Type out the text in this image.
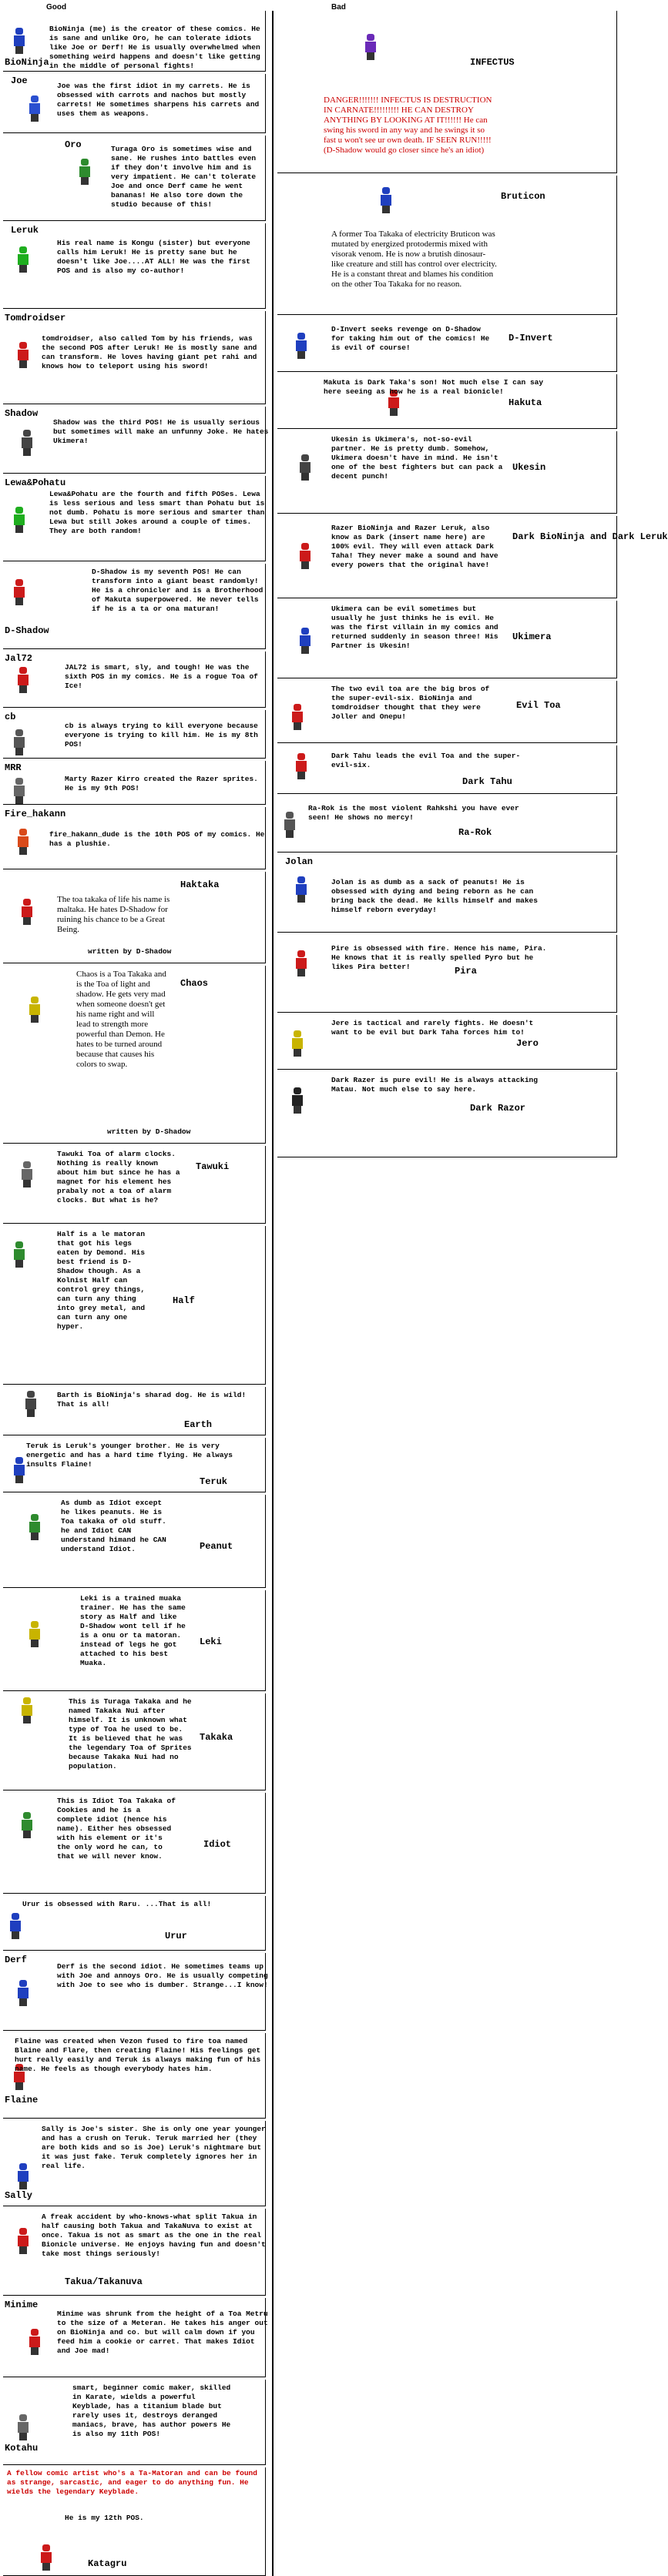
Good	Bad
BioNinja
BioNinja (me) is the creator of these comics. He is sane and unlike Oro, he can tolerate idiots like Joe or Derf! He is usually overwhelmed when something weird happens and doesn't like getting in the middle of personal fights!
Joe	Joe was the first idiot in my carrets. He is obsessed with carrots and nachos but mostly carrets! He sometimes sharpens his carrets and uses them as weapons.
Oro	Turaga Oro is sometimes wise and sane. He rushes into battles even if they don't involve him and is very impatient. He can't tolerate Joe and once Derf came he went bananas! He also tore down the studio because of this!
Leruk
His real name is Kongu (sister) but everyone calls him Leruk! He is pretty sane but he doesn't like Joe....AT ALL! He was the first POS and is also my co-author!
Tomdroidser
tomdroidser, also called Tom by his friends, was the second POS after Leruk! He is mostly sane and can transform. He loves having giant pet rahi and knows how to teleport using his sword!
Shadow
Shadow was the third POS! He is usually serious but sometimes will make an unfunny Joke. He hates Ukimera!
Lewa&Pohatu
Lewa&Pohatu are the fourth and fifth POSes. Lewa is less serious and less smart than Pohatu but is not dumb. Pohatu is more serious and smarter than Lewa but still Jokes around a couple of times. They are both random!
D-Shadow
D-Shadow is my seventh POS! He can transform into a giant beast randomly! He is a chronicler and is a Brotherhood of Makuta superpowered. He never tells if he is a ta or ona maturan!
Jal72
JAL72 is smart, sly, and tough! He was the sixth POS in my comics. He is a rogue Toa of Ice!
cb
cb is always trying to kill everyone because everyone is trying to kill him. He is my 8th POS!
MRR
Marty Razer Kirro created the Razer sprites. He is my 9th POS!
Fire_hakann
fire_hakann_dude is the 10th POS of my comics. He has a plushie.
Haktaka
The toa takaka of life his name is maltaka. He hates D-Shadow for ruining his chance to be a Great Being.
written by D-Shadow
Chaos
Chaos is a Toa Takaka and is the Toa of light and shadow. He gets very mad when someone doesn't get his name right and will lead to strength more powerful than Demon. He hates to be turned around because that causes his colors to swap.
written by D-Shadow
Tawuki
Tawuki Toa of alarm clocks. Nothing is really known about him but since he has a magnet for his element hes prabaly not a toa of alarm clocks. But what is he?
Half
Half is a le matoran that got his legs eaten by Demond. His best friend is D-Shadow though. As a Kolnist Half can control grey things, can turn any thing into grey metal, and can turn any one hyper.
Earth
Barth is BioNinja's sharad dog. He is wild! That is all!
Teruk
Teruk is Leruk's younger brother. He is very energetic and has a hard time flying. He always insults Flaine!
Peanut
As dumb as Idiot except he likes peanuts. He is Toa takaka of old stuff. he and Idiot CAN understand himand he CAN understand Idiot.
Leki
Leki is a trained muaka trainer. He has the same story as Half and like D-Shadow wont tell if he is a onu or ta matoran. instead of legs he got attached to his best Muaka.
Takaka
This is Turaga Takaka and he named Takaka Nui after himself. It is unknown what type of Toa he used to be. It is believed that he was the legendary Toa of Sprites because Takaka Nui had no population.
Idiot
This is Idiot Toa Takaka of Cookies and he is a complete idiot (hence his name). Either hes obsessed with his element or it's the only word he can, to that we will never know.
Urur
Urur is obsessed with Raru. ...That is all!
Derf
Derf is the second idiot. He sometimes teams up with Joe and annoys Oro. He is usually competing with Joe to see who is dumber. Strange...I know!
Flaine
Flaine was created when Vezon fused to fire toa named Blaine and Flare, then creating Flaine! His feelings get hurt really easily and Teruk is always making fun of his name. He feels as though everybody hates him.
Sally
Sally is Joe's sister. She is only one year younger and has a crush on Teruk. Teruk married her (they are both kids and so is Joe) Leruk's nightmare but it was just fake. Teruk completely ignores her in real life.
Takua/Takanuva
A freak accident by who-knows-what split Takua in half causing both Takua and TakaNuva to exist at once. Takua is not as smart as the one in the real Bionicle universe. He enjoys having fun and doesn't take most things seriously!
Minime
Minime was shrunk from the height of a Toa Metru to the size of a Meteran. He takes his anger out on BioNinja and co. but will calm down if you feed him a cookie or carret. That makes Idiot and Joe mad!
Kotahu
smart, beginner comic maker, skilled in Karate, wields a powerful Keyblade, has a titanium blade but rarely uses it, destroys deranged maniacs, brave, has author powers He is also my 11th POS!
Katagru
A fellow comic artist who's a Ta-Matoran and can be found as strange, sarcastic, and eager to do anything fun. He wields the legendary Keyblade.
He is my 12th POS.
INFECTUS
DANGER!!!!!!! INFECTUS IS DESTRUCTION IN CARNATE!!!!!!!!! HE CAN DESTROY ANYTHING BY LOOKING AT IT!!!!!! He can swing his sword in any way and he swings it so fast u won't see ur own death. IF SEEN RUN!!!!! (D-Shadow would go closer since he's an idiot)
Bruticon
A former Toa Takaka of electricity Bruticon was mutated by energized protodermis mixed with visorak venom. He is now a brutish dinosaur-like creature and still has control over electricity. He is a constant threat and blames his condition on the other Toa Takaka for no reason.
D-Invert
D-Invert seeks revenge on D-Shadow for taking him out of the comics! He is evil of course!
Hakuta
Makuta is Dark Taka's son! Not much else I can say here seeing as how he is a real bionicle!
Ukesin
Ukesin is Ukimera's, not-so-evil partner. He is pretty dumb. Somehow, Ukimera doesn't have in mind. He isn't one of the best fighters but can pack a decent punch!
Dark BioNinja and Dark Leruk
Razer BioNinja and Razer Leruk, also know as Dark (insert name here) are 100% evil. They will even attack Dark Taha! They never make a sound and have every powers that the original have!
Ukimera
Ukimera can be evil sometimes but usually he just thinks he is evil. He was the first villain in my comics and returned suddenly in season three! His Partner is Ukesin!
Evil Toa
The two evil toa are the big bros of the super-evil-six. BioNinja and tomdroidser thought that they were Joller and Onepu!
Dark Tahu
Dark Tahu leads the evil Toa and the super-evil-six.
Ra-Rok
Ra-Rok is the most violent Rahkshi you have ever seen! He shows no mercy!
Jolan
Jolan is as dumb as a sack of peanuts! He is obsessed with dying and being reborn as he can bring back the dead. He kills himself and makes himself reborn everyday!
Pira
Pire is obsessed with fire. Hence his name, Pira. He knows that it is really spelled Pyro but he likes Pira better!
Jero
Jere is tactical and rarely fights. He doesn't want to be evil but Dark Taha forces him to!
Dark Razor
Dark Razer is pure evil! He is always attacking Matau. Not much else to say here.
